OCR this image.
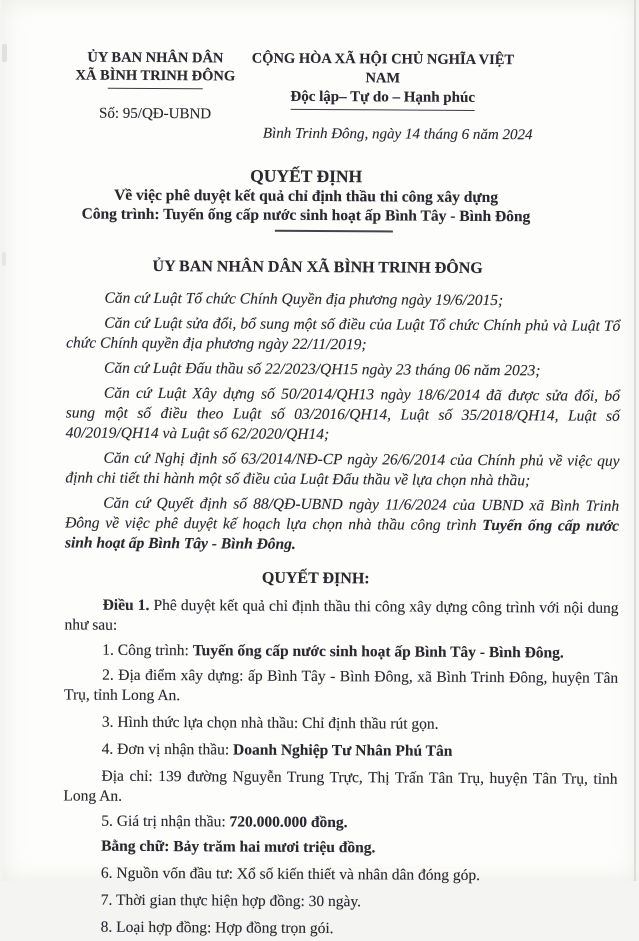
ỦY BAN NHÂN DÂN
XÃ BÌNH TRINH ĐÔNG
Số: 95/QĐ-UBND
CỘNG HÒA XÃ HỘI CHỦ NGHĨA VIỆT NAM
Độc lập– Tự do – Hạnh phúc
Bình Trinh Đông, ngày 14 tháng 6 năm 2024
QUYẾT ĐỊNH
Về việc phê duyệt kết quả chỉ định thầu thi công xây dựng
Công trình: Tuyến ống cấp nước sinh hoạt ấp Bình Tây - Bình Đông
ỦY BAN NHÂN DÂN XÃ BÌNH TRINH ĐÔNG

Căn cứ Luật Tổ chức Chính Quyền địa phương ngày 19/6/2015;

Căn cứ Luật sửa đổi, bổ sung một số điều của Luật Tổ chức Chính phủ và Luật Tổ chức Chính quyền địa phương ngày 22/11/2019;

Căn cứ Luật Đấu thầu số 22/2023/QH15 ngày 23 tháng 06 năm 2023;

Căn cứ Luật Xây dựng số 50/2014/QH13 ngày 18/6/2014 đã được sửa đổi, bổ sung một số điều theo Luật số 03/2016/QH14, Luật số 35/2018/QH14, Luật số 40/2019/QH14 và Luật số 62/2020/QH14;

Căn cứ Nghị định số 63/2014/NĐ-CP ngày 26/6/2014 của Chính phủ về việc quy định chi tiết thi hành một số điều của Luật Đấu thầu về lựa chọn nhà thầu;

Căn cứ Quyết định số 88/QĐ-UBND ngày 11/6/2024 của UBND xã Bình Trinh Đông về việc phê duyệt kế hoạch lựa chọn nhà thầu công trình Tuyến ống cấp nước sinh hoạt ấp Bình Tây - Bình Đông.

QUYẾT ĐỊNH:

Điều 1. Phê duyệt kết quả chỉ định thầu thi công xây dựng công trình với nội dung như sau:

1. Công trình: Tuyến ống cấp nước sinh hoạt ấp Bình Tây - Bình Đông.

2. Địa điểm xây dựng: ấp Bình Tây - Bình Đông, xã Bình Trinh Đông, huyện Tân Trụ, tỉnh Long An.

3. Hình thức lựa chọn nhà thầu: Chỉ định thầu rút gọn.

4. Đơn vị nhận thầu: Doanh Nghiệp Tư Nhân Phú Tân

Địa chỉ: 139 đường Nguyễn Trung Trực, Thị Trấn Tân Trụ, huyện Tân Trụ, tỉnh Long An.

5. Giá trị nhận thầu: 720.000.000 đồng.

Bằng chữ: Bảy trăm hai mươi triệu đồng.

6. Nguồn vốn đầu tư: Xổ số kiến thiết và nhân dân đóng góp.

7. Thời gian thực hiện hợp đồng: 30 ngày.

8. Loại hợp đồng: Hợp đồng trọn gói.
